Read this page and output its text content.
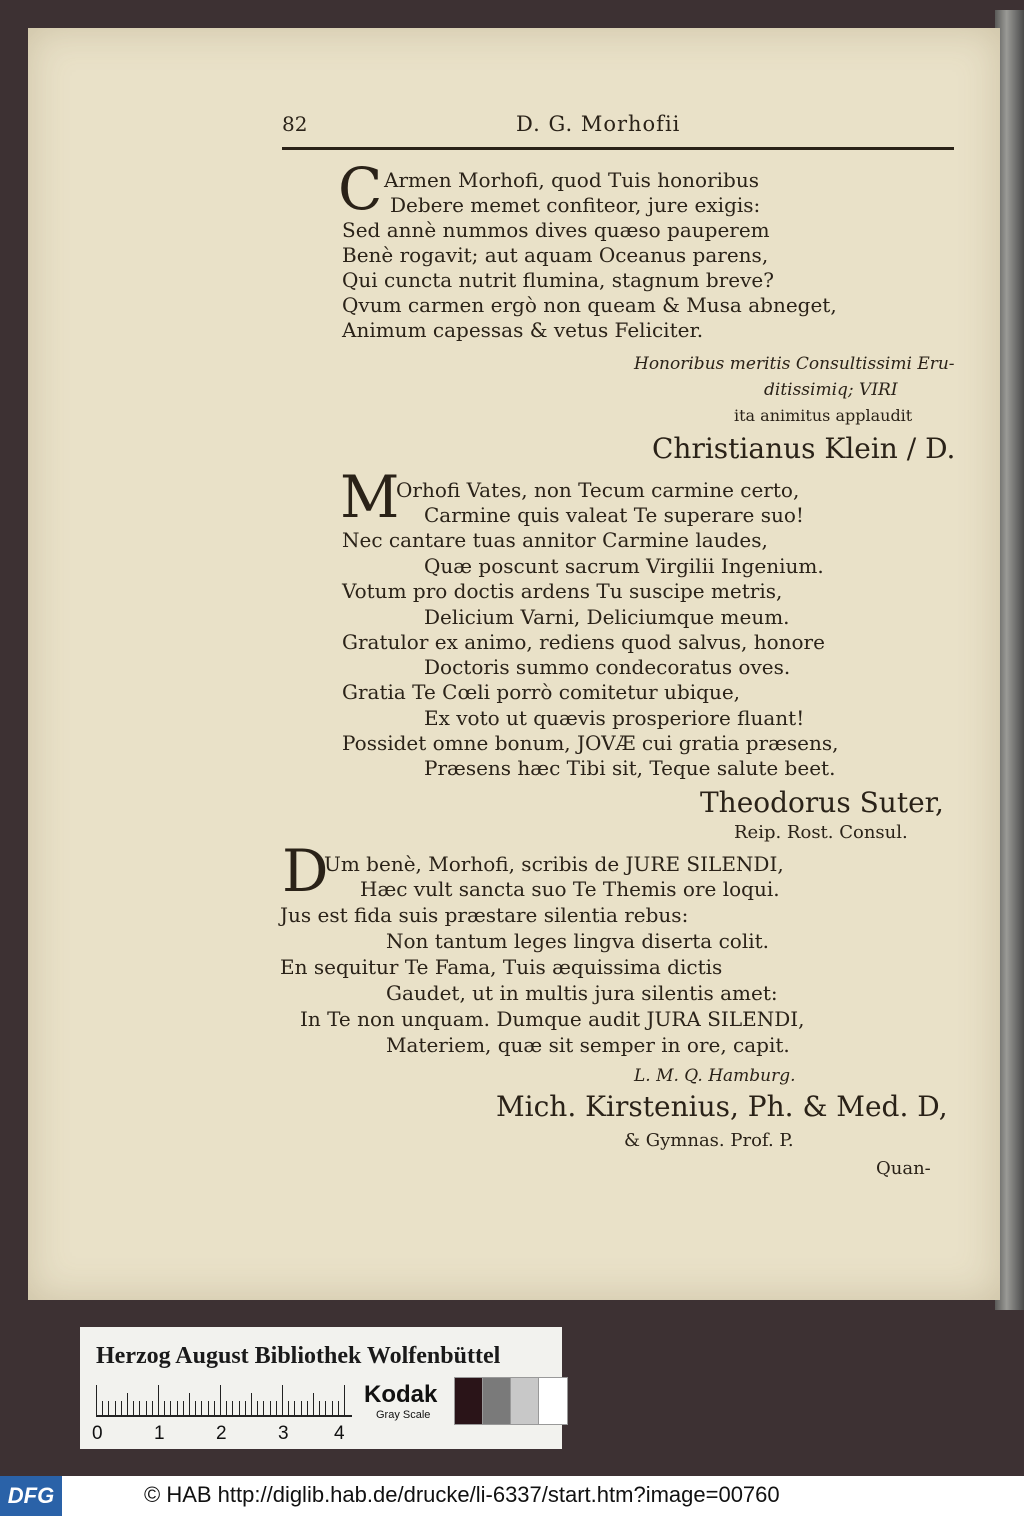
82	D. G. Morhofii
C Armen Morhofi, quod Tuis honoribus
Debere memet confiteor, jure exigis:
Sed annè nummos dives quæso pauperem
Benè rogavit; aut aquam Oceanus parens,
Qui cuncta nutrit flumina, stagnum breve?
Qvum carmen ergò non queam & Musa abneget,
Animum capessas & vetus Feliciter.
Honoribus meritis Consultissimi Eru-
ditissimiq; VIRI
ita animitus applaudit
Christianus Klein / D.
M
Orhofi Vates, non Tecum carmine certo,
Carmine quis valeat Te superare suo!
Nec cantare tuas annitor Carmine laudes,
Quæ poscunt sacrum Virgilii Ingenium.
Votum pro doctis ardens Tu suscipe metris,
Delicium Varni, Deliciumque meum.
Gratulor ex animo, rediens quod salvus, honore
Doctoris summo condecoratus oves.
Gratia Te Cœli porrò comitetur ubique,
Ex voto ut quævis prosperiore fluant!
Possidet omne bonum, JOVÆ cui gratia præsens,
Præsens hæc Tibi sit, Teque salute beet.
Theodorus Suter,
Reip. Rost. Consul.
D
Um benè, Morhofi, scribis de JURE SILENDI,
Hæc vult sancta suo Te Themis ore loqui.
Jus est fida suis præstare silentia rebus:
Non tantum leges lingva diserta colit.
En sequitur Te Fama, Tuis æquissima dictis
Gaudet, ut in multis jura silentis amet:
In Te non unquam. Dumque audit JURA SILENDI,
Materiem, quæ sit semper in ore, capit.
L. M. Q. Hamburg.
Mich. Kirstenius, Ph. & Med. D,
& Gymnas. Prof. P.
Quan-
Herzog August Bibliothek Wolfenbüttel
0	1	2	3 4
Kodak
Gray Scale
DFG	© HAB http://diglib.hab.de/drucke/li-6337/start.htm?image=00760
